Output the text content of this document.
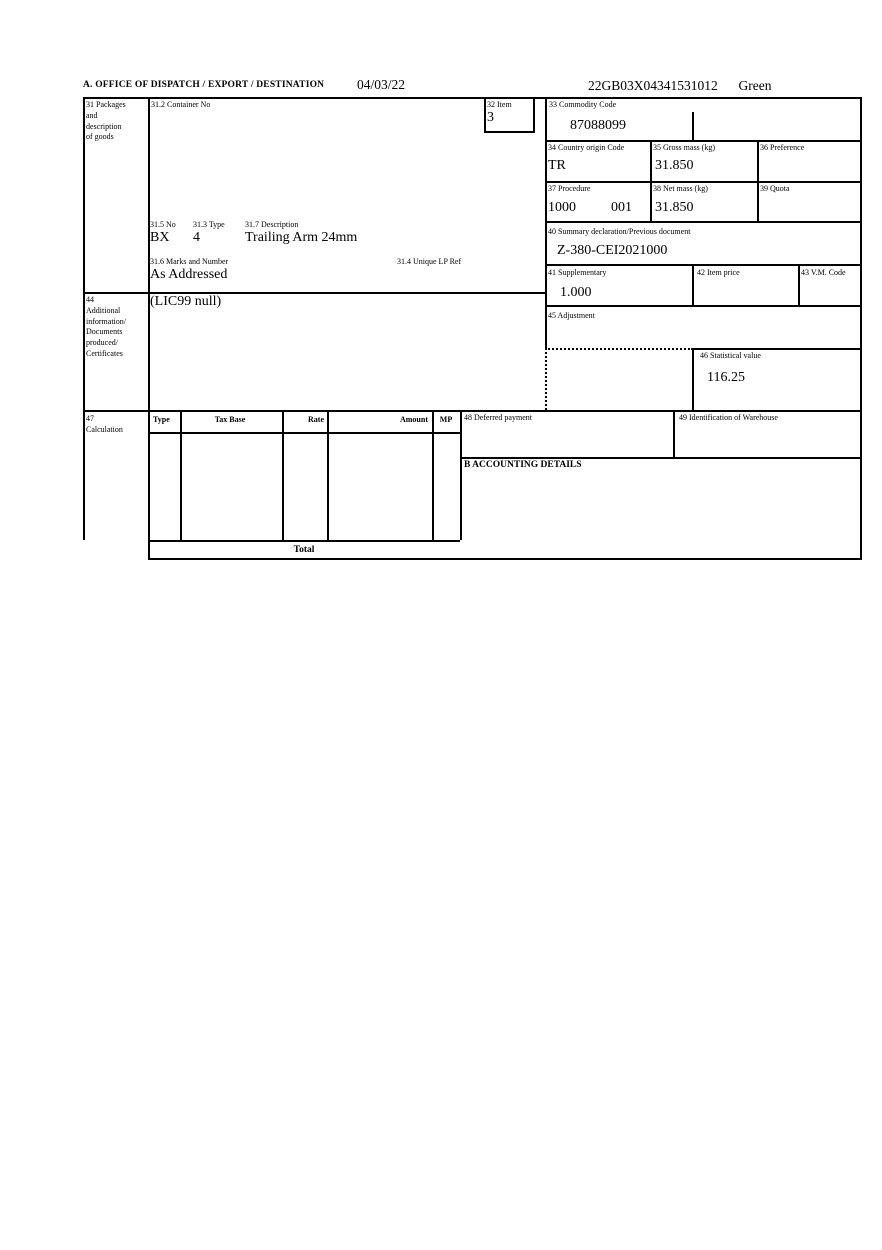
A. OFFICE OF DISPATCH / EXPORT / DESTINATION 04/03/22	22GB03X04341531012 Green
31 Packages
and
description
of goods
31.2 Container No	32 Item
3
33 Commodity Code
87088099
34 Country origin Code
TR
35 Gross mass (kg)
31.850
36 Preference
37 Procedure
1000	001
38 Net mass (kg)
31.850
39 Quota
31.5 No 31.3 Type	31.7 Description
BX 4	Trailing Arm 24mm
31.6 Marks and Number	31.4 Unique LP Ref
As Addressed
40 Summary declaration/Previous document
Z-380-CEI2021000
41 Supplementary
1.000
42 Item price	43 V.M. Code
44
Additional
information/
Documents
produced/
Certificates
(LIC99 null)
45 Adjustment
46 Statistical value
116.25
47
Calculation
Type	Tax Base	Rate	Amount	MP	48 Deferred payment	49 Identification of Warehouse
B ACCOUNTING DETAILS
Total
